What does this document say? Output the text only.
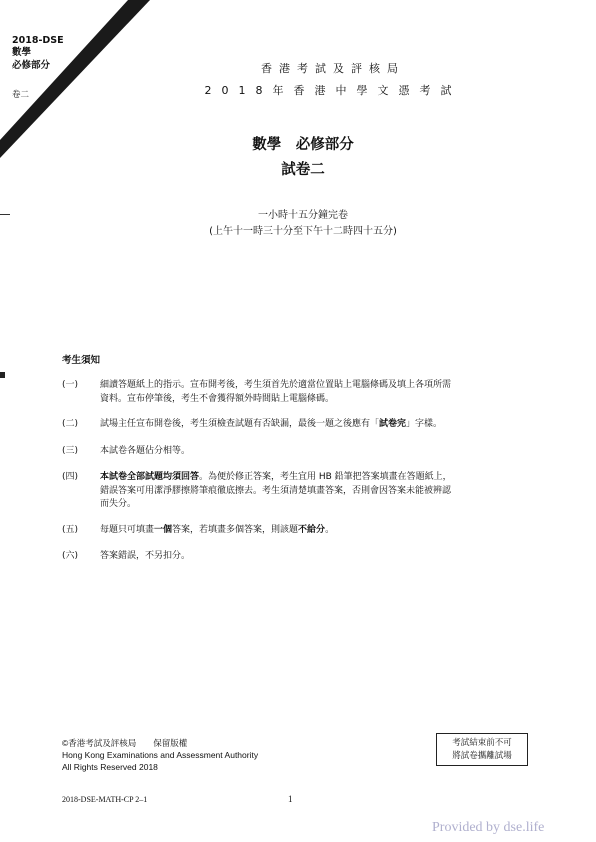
2018-DSE
數學
必修部分
卷二 MC
香港考試及評核局
2018年香港中學文憑考試
數學　必修部分
試卷二
一小時十五分鐘完卷
(上午十一時三十分至下午十二時四十五分)
考生須知
(一)	細讀答題紙上的指示。宣布開考後，考生須首先於適當位置貼上電腦條碼及填上各項所需
資料。宣布停筆後，考生不會獲得額外時間貼上電腦條碼。
(二)	試場主任宣布開卷後，考生須檢查試題有否缺漏，最後一題之後應有「試卷完」字樣。
(三)	本試卷各題佔分相等。
(四)	本試卷全部試題均須回答。為便於修正答案，考生宜用 HB 鉛筆把答案填畫在答題紙上，
錯誤答案可用潔淨膠擦將筆痕徹底擦去。考生須清楚填畫答案，否則會因答案未能被辨認
而失分。
(五)	每題只可填畫一個答案，若填畫多個答案，則該題不給分。
(六)	答案錯誤，不另扣分。
©香港考試及評核局　　保留版權
Hong Kong Examinations and Assessment Authority
All Rights Reserved 2018
考試結束前不可
將試卷攜離試場
2018-DSE-MATH-CP 2–1	1
Provided by dse.life
